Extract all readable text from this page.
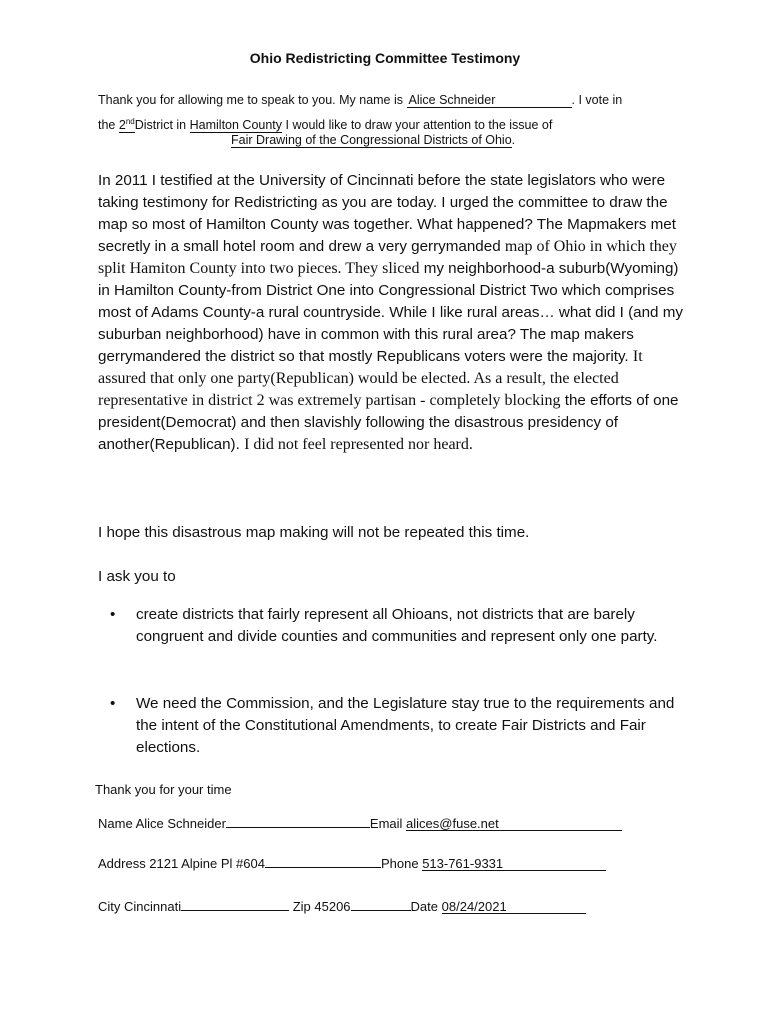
Ohio Redistricting Committee Testimony
Thank you for allowing me to speak to you. My name is Alice Schneider	. I vote in
the 2ndDistrict in Hamilton County I would like to draw your attention to the issue of
Fair Drawing of the Congressional Districts of Ohio.
In 2011 I testified at the University of Cincinnati before the state legislators who were taking testimony for Redistricting as you are today. I urged the committee to draw the map so most of Hamilton County was together. What happened? The Mapmakers met secretly in a small hotel room and drew a very gerrymanded map of Ohio in which they split Hamiton County into two pieces. They sliced my neighborhood-a suburb(Wyoming) in Hamilton County-from District One into Congressional District Two which comprises most of Adams County-a rural countryside. While I like rural areas… what did I (and my suburban neighborhood) have in common with this rural area? The map makers gerrymandered the district so that mostly Republicans voters were the majority. It assured that only one party(Republican) would be elected. As a result, the elected representative in district 2 was extremely partisan - completely blocking the efforts of one president(Democrat) and then slavishly following the disastrous presidency of another(Republican). I did not feel represented nor heard.
I hope this disastrous map making will not be repeated this time.
I ask you to
• create districts that fairly represent all Ohioans, not districts that are barely congruent and divide counties and communities and represent only one party.
• We need the Commission, and the Legislature stay true to the requirements and the intent of the Constitutional Amendments, to create Fair Districts and Fair elections.
Thank you for your time
Name Alice Schneider	Email alices@fuse.net
Address 2121 Alpine Pl #604	Phone 513-761-9331
City Cincinnati	Zip 45206	Date 08/24/2021
